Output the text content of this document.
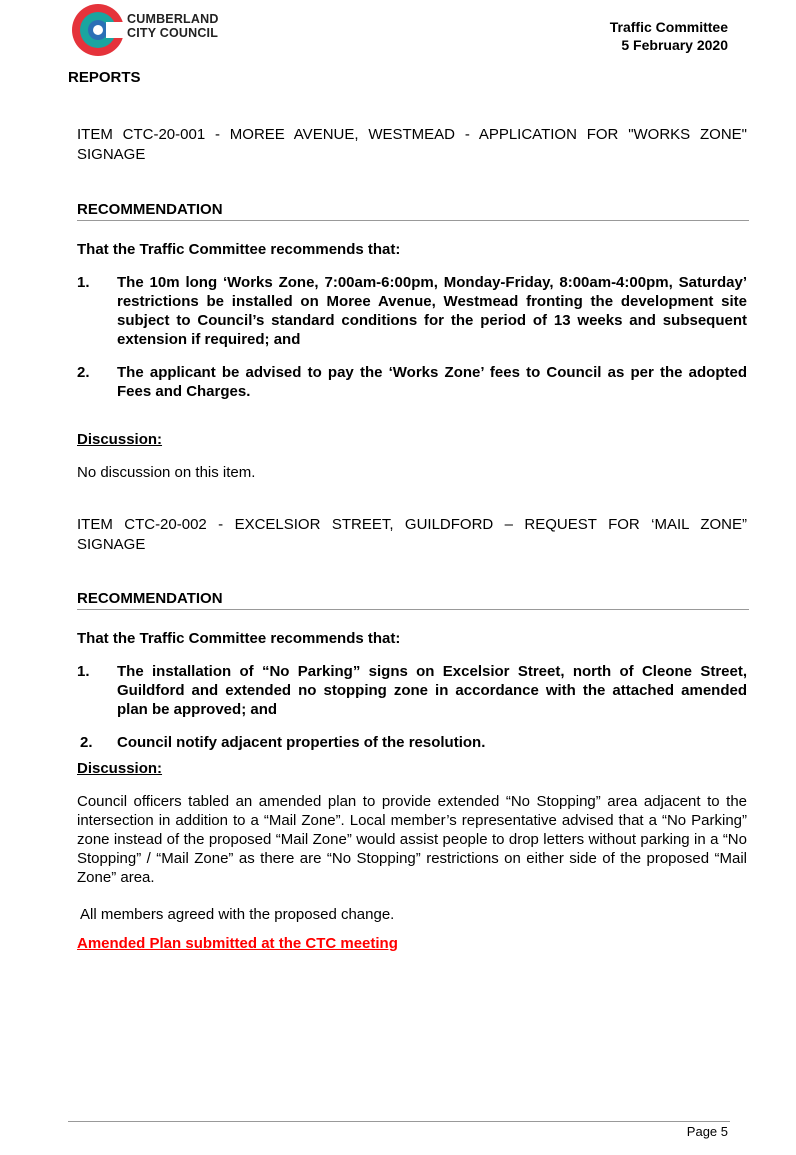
CUMBERLAND
CITY COUNCIL	Traffic Committee
5 February 2020
REPORTS
ITEM CTC-20-001 - MOREE AVENUE, WESTMEAD - APPLICATION FOR "WORKS ZONE" SIGNAGE
RECOMMENDATION
That the Traffic Committee recommends that:
1. The 10m long ‘Works Zone, 7:00am-6:00pm, Monday-Friday, 8:00am-4:00pm, Saturday’ restrictions be installed on Moree Avenue, Westmead fronting the development site subject to Council’s standard conditions for the period of 13 weeks and subsequent extension if required; and
2. The applicant be advised to pay the ‘Works Zone’ fees to Council as per the adopted Fees and Charges.
Discussion:
No discussion on this item.
ITEM CTC-20-002 - EXCELSIOR STREET, GUILDFORD – REQUEST FOR ‘MAIL ZONE” SIGNAGE
RECOMMENDATION
That the Traffic Committee recommends that:
1. The installation of “No Parking” signs on Excelsior Street, north of Cleone Street, Guildford and extended no stopping zone in accordance with the attached amended plan be approved; and
2. Council notify adjacent properties of the resolution.
Discussion:
Council officers tabled an amended plan to provide extended “No Stopping” area adjacent to the intersection in addition to a “Mail Zone”. Local member’s representative advised that a “No Parking” zone instead of the proposed “Mail Zone” would assist people to drop letters without parking in a “No Stopping” / “Mail Zone” as there are “No Stopping” restrictions on either side of the proposed “Mail Zone” area.
All members agreed with the proposed change.
Amended Plan submitted at the CTC meeting
Page 5
